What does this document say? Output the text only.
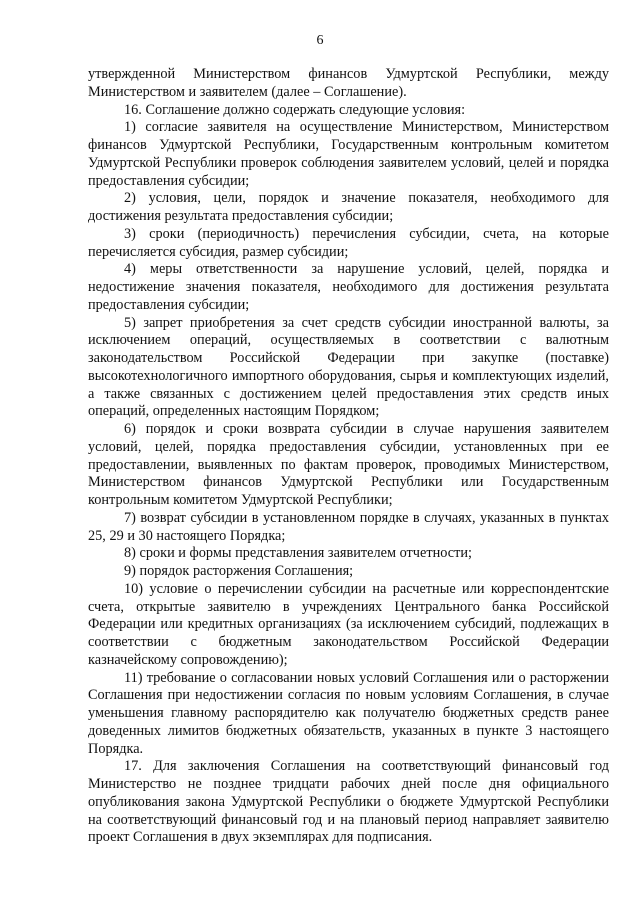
6

утвержденной Министерством финансов Удмуртской Республики, между Министерством и заявителем (далее – Соглашение).

16. Соглашение должно содержать следующие условия:

1) согласие заявителя на осуществление Министерством, Министерством финансов Удмуртской Республики, Государственным контрольным комитетом Удмуртской Республики проверок соблюдения заявителем условий, целей и порядка предоставления субсидии;

2) условия, цели, порядок и значение показателя, необходимого для достижения результата предоставления субсидии;

3) сроки (периодичность) перечисления субсидии, счета, на которые перечисляется субсидия, размер субсидии;

4) меры ответственности за нарушение условий, целей, порядка и недостижение значения показателя, необходимого для достижения результата предоставления субсидии;

5) запрет приобретения за счет средств субсидии иностранной валюты, за исключением операций, осуществляемых в соответствии с валютным законодательством Российской Федерации при закупке (поставке) высокотехнологичного импортного оборудования, сырья и комплектующих изделий, а также связанных с достижением целей предоставления этих средств иных операций, определенных настоящим Порядком;

6) порядок и сроки возврата субсидии в случае нарушения заявителем условий, целей, порядка предоставления субсидии, установленных при ее предоставлении, выявленных по фактам проверок, проводимых Министерством, Министерством финансов Удмуртской Республики или Государственным контрольным комитетом Удмуртской Республики;

7) возврат субсидии в установленном порядке в случаях, указанных в пунктах 25, 29 и 30 настоящего Порядка;

8) сроки и формы представления заявителем отчетности;

9) порядок расторжения Соглашения;

10) условие о перечислении субсидии на расчетные или корреспондентские счета, открытые заявителю в учреждениях Центрального банка Российской Федерации или кредитных организациях (за исключением субсидий, подлежащих в соответствии с бюджетным законодательством Российской Федерации казначейскому сопровождению);

11) требование о согласовании новых условий Соглашения или о расторжении Соглашения при недостижении согласия по новым условиям Соглашения, в случае уменьшения главному распорядителю как получателю бюджетных средств ранее доведенных лимитов бюджетных обязательств, указанных в пункте 3 настоящего Порядка.

17. Для заключения Соглашения на соответствующий финансовый год Министерство не позднее тридцати рабочих дней после дня официального опубликования закона Удмуртской Республики о бюджете Удмуртской Республики на соответствующий финансовый год и на плановый период направляет заявителю проект Соглашения в двух экземплярах для подписания.
